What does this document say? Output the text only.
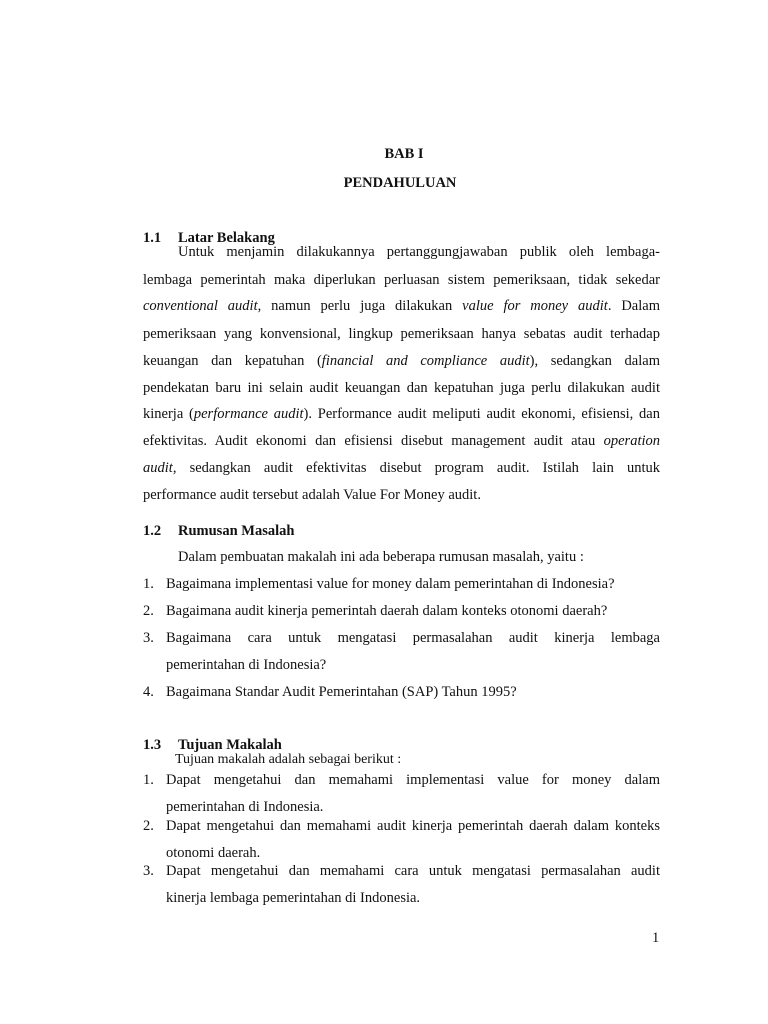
BAB I
PENDAHULUAN
1.1 Latar Belakang
Untuk menjamin dilakukannya pertanggungjawaban publik oleh lembaga-
lembaga pemerintah maka diperlukan perluasan sistem pemeriksaan, tidak sekedar
conventional audit, namun perlu juga dilakukan value for money audit. Dalam
pemeriksaan yang konvensional, lingkup pemeriksaan hanya sebatas audit terhadap
keuangan dan kepatuhan (financial and compliance audit), sedangkan dalam
pendekatan baru ini selain audit keuangan dan kepatuhan juga perlu dilakukan audit
kinerja (performance audit). Performance audit meliputi audit ekonomi, efisiensi, dan
efektivitas. Audit ekonomi dan efisiensi disebut management audit atau operation
audit, sedangkan audit efektivitas disebut program audit. Istilah lain untuk
performance audit tersebut adalah Value For Money audit.
1.2 Rumusan Masalah
Dalam pembuatan makalah ini ada beberapa rumusan masalah, yaitu :
1. Bagaimana implementasi value for money dalam pemerintahan di Indonesia?
2. Bagaimana audit kinerja pemerintah daerah dalam konteks otonomi daerah?
3. Bagaimana cara untuk mengatasi permasalahan audit kinerja lembaga
pemerintahan di Indonesia?
4. Bagaimana Standar Audit Pemerintahan (SAP) Tahun 1995?
1.3 Tujuan Makalah
Tujuan makalah adalah sebagai berikut :
1. Dapat mengetahui dan memahami implementasi value for money dalam
pemerintahan di Indonesia.
2. Dapat mengetahui dan memahami audit kinerja pemerintah daerah dalam konteks
otonomi daerah.
3. Dapat mengetahui dan memahami cara untuk mengatasi permasalahan audit
kinerja lembaga pemerintahan di Indonesia.
1
